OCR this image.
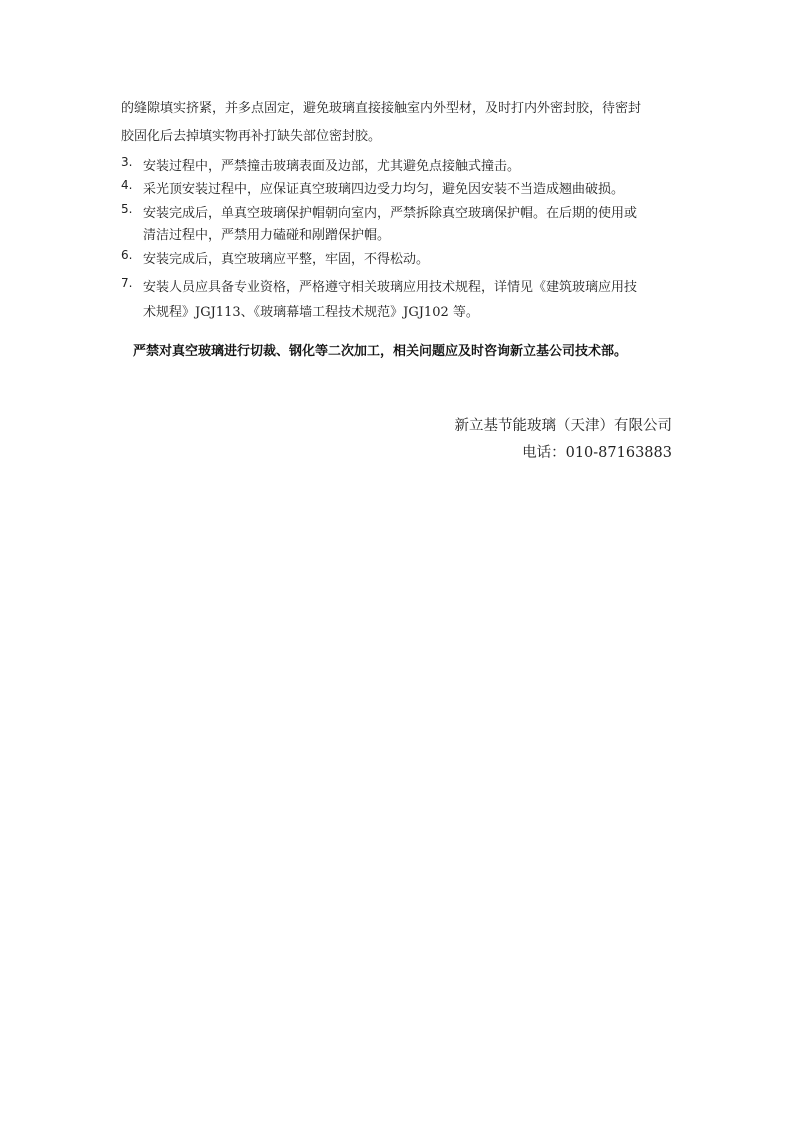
的缝隙填实挤紧，并多点固定，避免玻璃直接接触室内外型材，及时打内外密封胶，待密封
胶固化后去掉填实物再补打缺失部位密封胶。
3. 安装过程中，严禁撞击玻璃表面及边部，尤其避免点接触式撞击。
4. 采光顶安装过程中，应保证真空玻璃四边受力均匀，避免因安装不当造成翘曲破损。
5. 安装完成后，单真空玻璃保护帽朝向室内，严禁拆除真空玻璃保护帽。在后期的使用或
清洁过程中，严禁用力磕碰和剐蹭保护帽。
6. 安装完成后，真空玻璃应平整，牢固，不得松动。
7. 安装人员应具备专业资格，严格遵守相关玻璃应用技术规程，详情见《建筑玻璃应用技
术规程》JGJ113、《玻璃幕墙工程技术规范》JGJ102 等。
严禁对真空玻璃进行切裁、钢化等二次加工，相关问题应及时咨询新立基公司技术部。
新立基节能玻璃（天津）有限公司
电话：010-87163883
